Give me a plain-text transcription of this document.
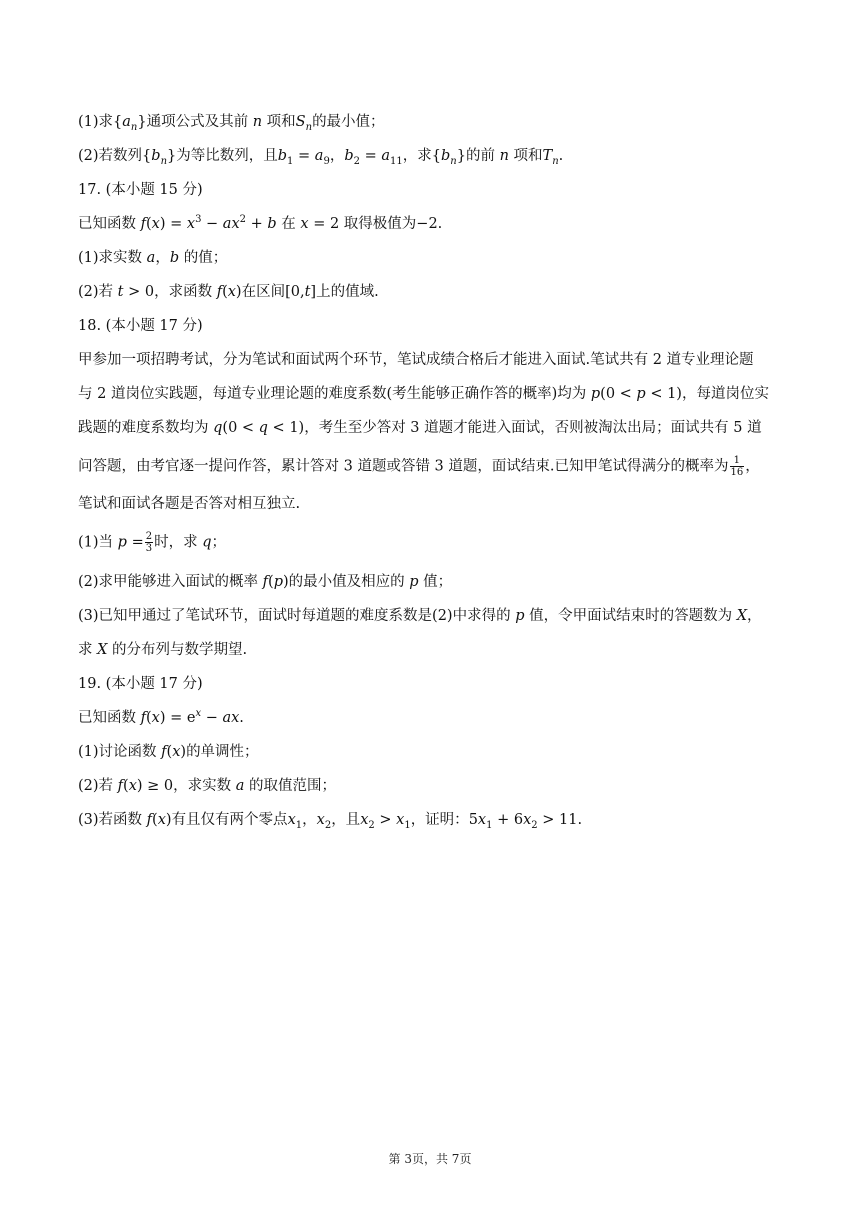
(1)求$\{a_n\}$通项公式及其前 n 项和$S_n$的最小值；
(2)若数列$\{b_n\}$为等比数列，且$b_1 = a_9$，$b_2 = a_{11}$，求$\{b_n\}$的前 n 项和$T_n$.
17. (本小题 15 分)
已知函数 $f(x) = x^3 - ax^2 + b$ 在 x = 2 取得极值为−2.
(1)求实数 a，b 的值；
(2)若 t > 0，求函数 f(x)在区间[0,t]上的值域.
18. (本小题 17 分)
甲参加一项招聘考试，分为笔试和面试两个环节，笔试成绩合格后才能进入面试.笔试共有 2 道专业理论题
与 2 道岗位实践题，每道专业理论题的难度系数(考生能够正确作答的概率)均为 p(0 < p < 1)，每道岗位实
践题的难度系数均为 q(0 < q < 1)，考生至少答对 3 道题才能进入面试，否则被淘汰出局；面试共有 5 道
问答题，由考官逐一提问作答，累计答对 3 道题或答错 3 道题，面试结束.已知甲笔试得满分的概率为 $\frac{1}{16}$ ，
笔试和面试各题是否答对相互独立.
(1)当 $p = \frac{2}{3}$ 时，求 q；
(2)求甲能够进入面试的概率 f(p)的最小值及相应的 p 值；
(3)已知甲通过了笔试环节，面试时每道题的难度系数是(2)中求得的 p 值，令甲面试结束时的答题数为 X，
求 X 的分布列与数学期望.
19. (本小题 17 分)
已知函数 $f(x) = e^x$ − ax.
(1)讨论函数 f(x)的单调性；
(2)若 f(x) ≥ 0，求实数 a 的取值范围；
(3)若函数 f(x)有且仅有两个零点$x_1$，$x_2$，且$x_2 > x_1$，证明：$5x_1 + 6x_2 > 11$.
第 3页，共 7页
